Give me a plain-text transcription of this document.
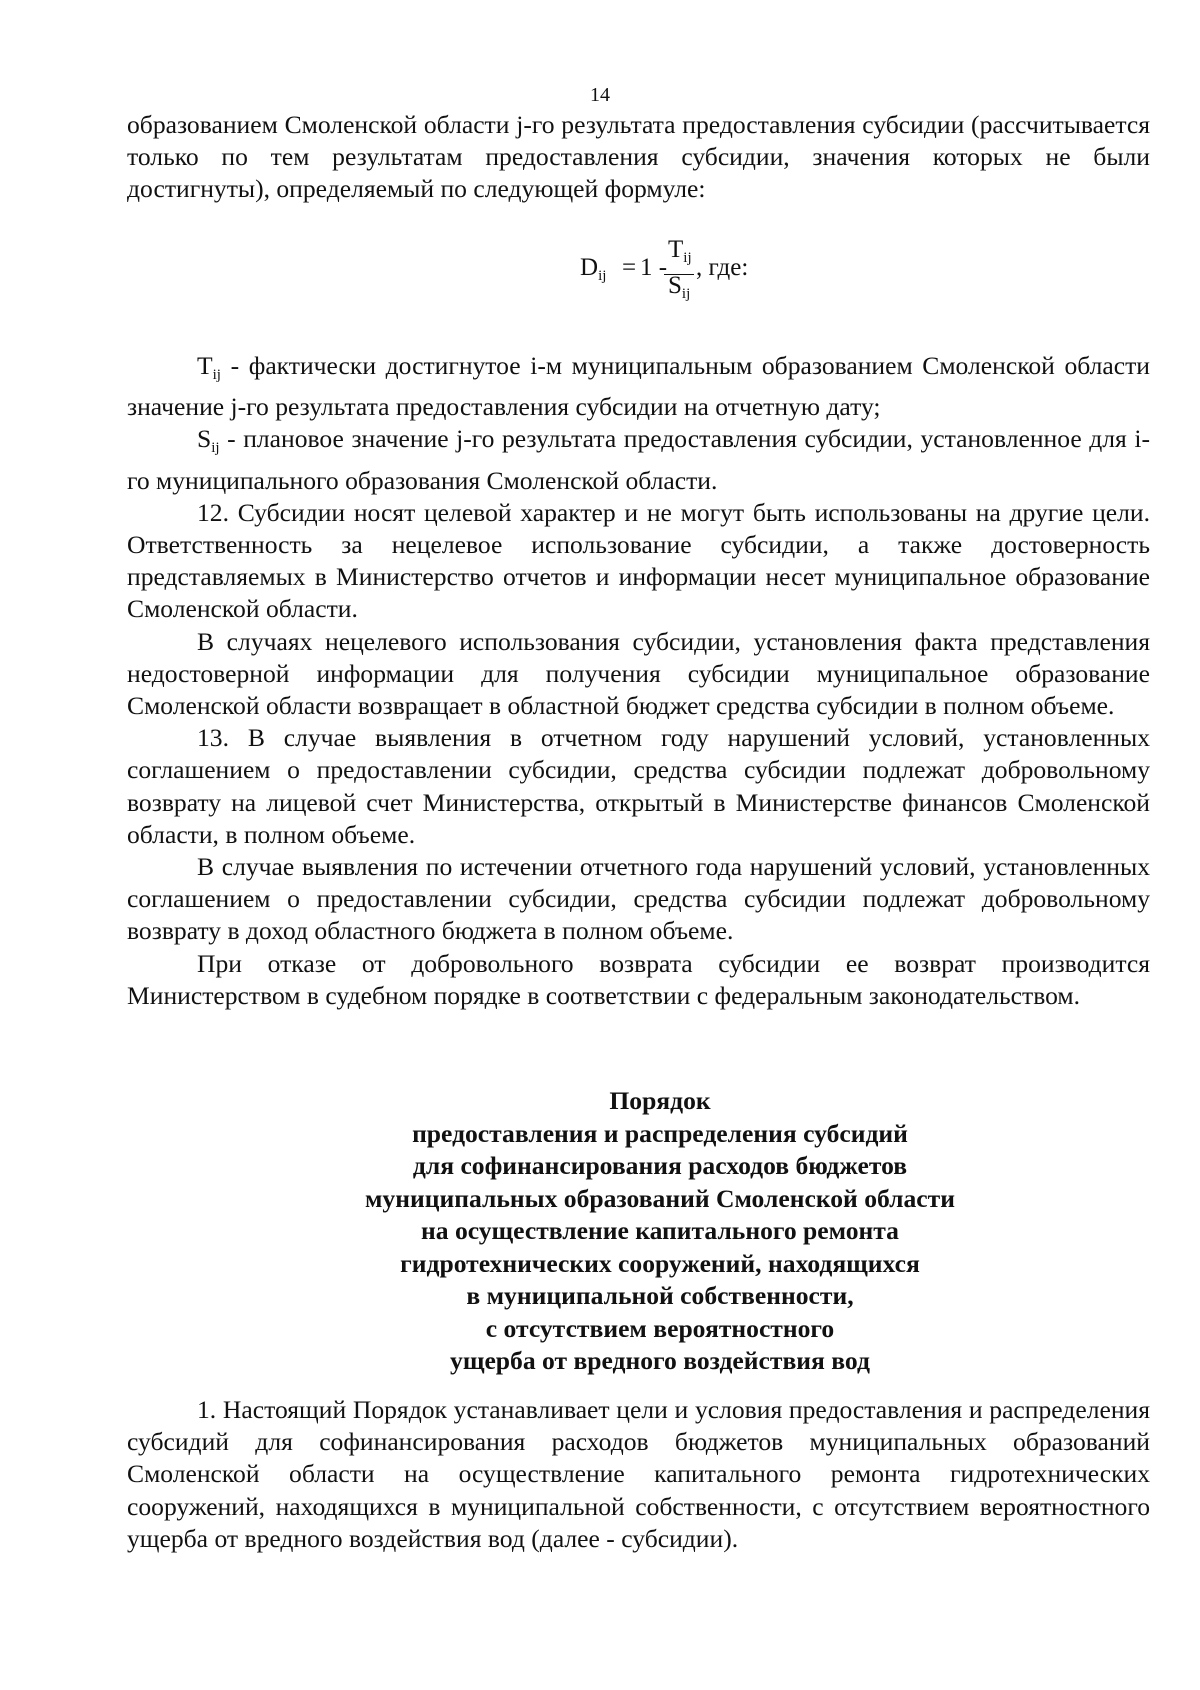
14

образованием Смоленской области j-го результата предоставления субсидии (рассчитывается только по тем результатам предоставления субсидии, значения которых не были достигнуты), определяемый по следующей формуле:

$D_{ij} = 1$ -
$T_{ij}$
$S_{ij}$
, где:

$T_{ij}$ - фактически достигнутое i-м муниципальным образованием Смоленской области значение j-го результата предоставления субсидии на отчетную дату;

$S_{ij}$ - плановое значение j-го результата предоставления субсидии, установленное для i-го муниципального образования Смоленской области.

12. Субсидии носят целевой характер и не могут быть использованы на другие цели. Ответственность за нецелевое использование субсидии, а также достоверность представляемых в Министерство отчетов и информации несет муниципальное образование Смоленской области.

В случаях нецелевого использования субсидии, установления факта представления недостоверной информации для получения субсидии муниципальное образование Смоленской области возвращает в областной бюджет средства субсидии в полном объеме.

13. В случае выявления в отчетном году нарушений условий, установленных соглашением о предоставлении субсидии, средства субсидии подлежат добровольному возврату на лицевой счет Министерства, открытый в Министерстве финансов Смоленской области, в полном объеме.

В случае выявления по истечении отчетного года нарушений условий, установленных соглашением о предоставлении субсидии, средства субсидии подлежат добровольному возврату в доход областного бюджета в полном объеме.

При отказе от добровольного возврата субсидии ее возврат производится Министерством в судебном порядке в соответствии с федеральным законодательством.

Порядок
предоставления и распределения субсидий
для софинансирования расходов бюджетов
муниципальных образований Смоленской области
на осуществление капитального ремонта
гидротехнических сооружений, находящихся
в муниципальной собственности,
с отсутствием вероятностного
ущерба от вредного воздействия вод

1. Настоящий Порядок устанавливает цели и условия предоставления и распределения субсидий для софинансирования расходов бюджетов муниципальных образований Смоленской области на осуществление капитального ремонта гидротехнических сооружений, находящихся в муниципальной собственности, с отсутствием вероятностного ущерба от вредного воздействия вод (далее - субсидии).
